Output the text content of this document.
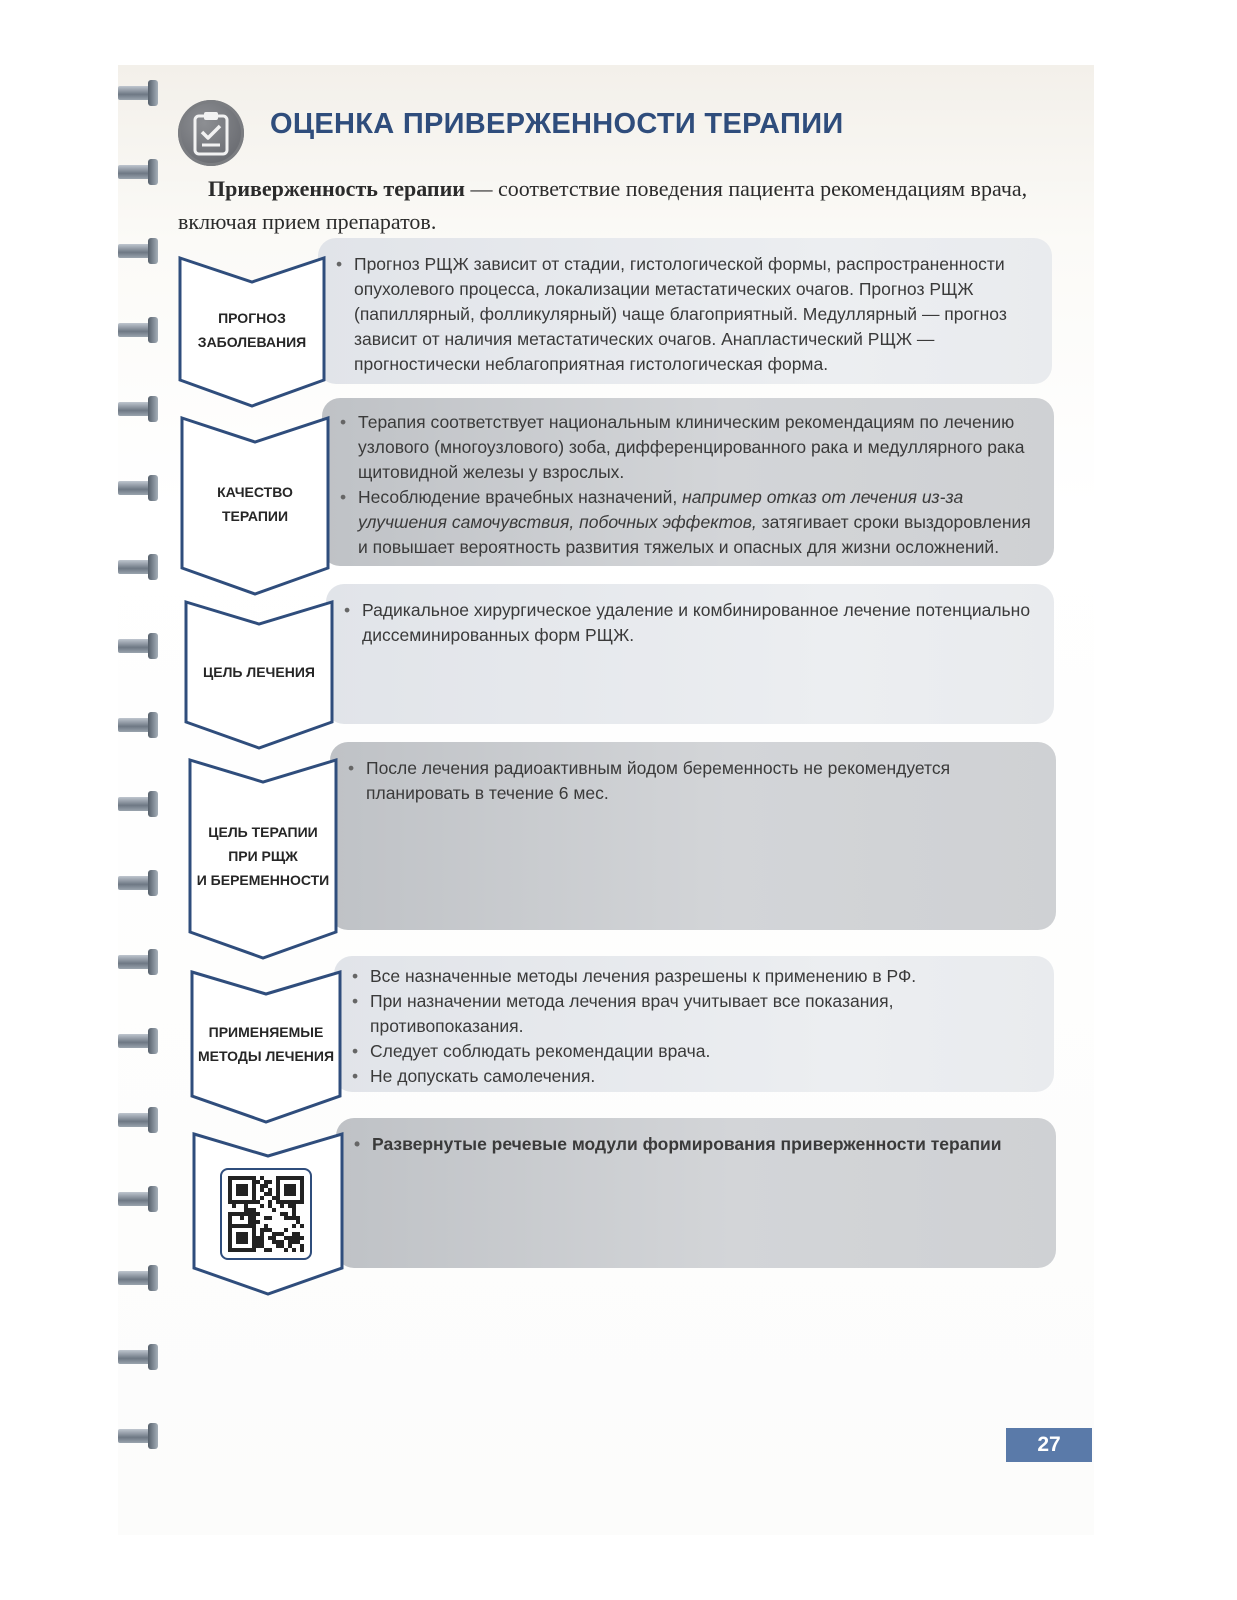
ОЦЕНКА ПРИВЕРЖЕННОСТИ ТЕРАПИИ
Приверженность терапии — соответствие поведения пациента рекомендациям врача, включая прием препаратов.
• Прогноз РЩЖ зависит от стадии, гистологической формы, распространенности опухолевого процесса, локализации метастатических очагов. Прогноз РЩЖ (папиллярный, фолликулярный) чаще благоприятный. Медуллярный — прогноз зависит от наличия метастатических очагов. Анапластический РЩЖ — прогностически неблагоприятная гистологическая форма.
ПРОГНОЗ
ЗАБОЛЕВАНИЯ
• Терапия соответствует национальным клиническим рекомендациям по лечению узлового (многоузлового) зоба, дифференцированного рака и медуллярного рака щитовидной железы у взрослых.
• Несоблюдение врачебных назначений, например отказ от лечения из-за улучшения самочувствия, побочных эффектов, затягивает сроки выздоровления и повышает вероятность развития тяжелых и опасных для жизни осложнений.
КАЧЕСТВО
ТЕРАПИИ
• Радикальное хирургическое удаление и комбинированное лечение потенциально диссеминированных форм РЩЖ.
ЦЕЛЬ ЛЕЧЕНИЯ
• После лечения радиоактивным йодом беременность не рекомендуется планировать в течение 6 мес.
ЦЕЛЬ ТЕРАПИИ
ПРИ РЩЖ
И БЕРЕМЕННОСТИ
• Все назначенные методы лечения разрешены к применению в РФ.
• При назначении метода лечения врач учитывает все показания, противопоказания.
• Следует соблюдать рекомендации врача.
• Не допускать самолечения.
ПРИМЕНЯЕМЫЕ
МЕТОДЫ ЛЕЧЕНИЯ
• Развернутые речевые модули формирования приверженности терапии
27
